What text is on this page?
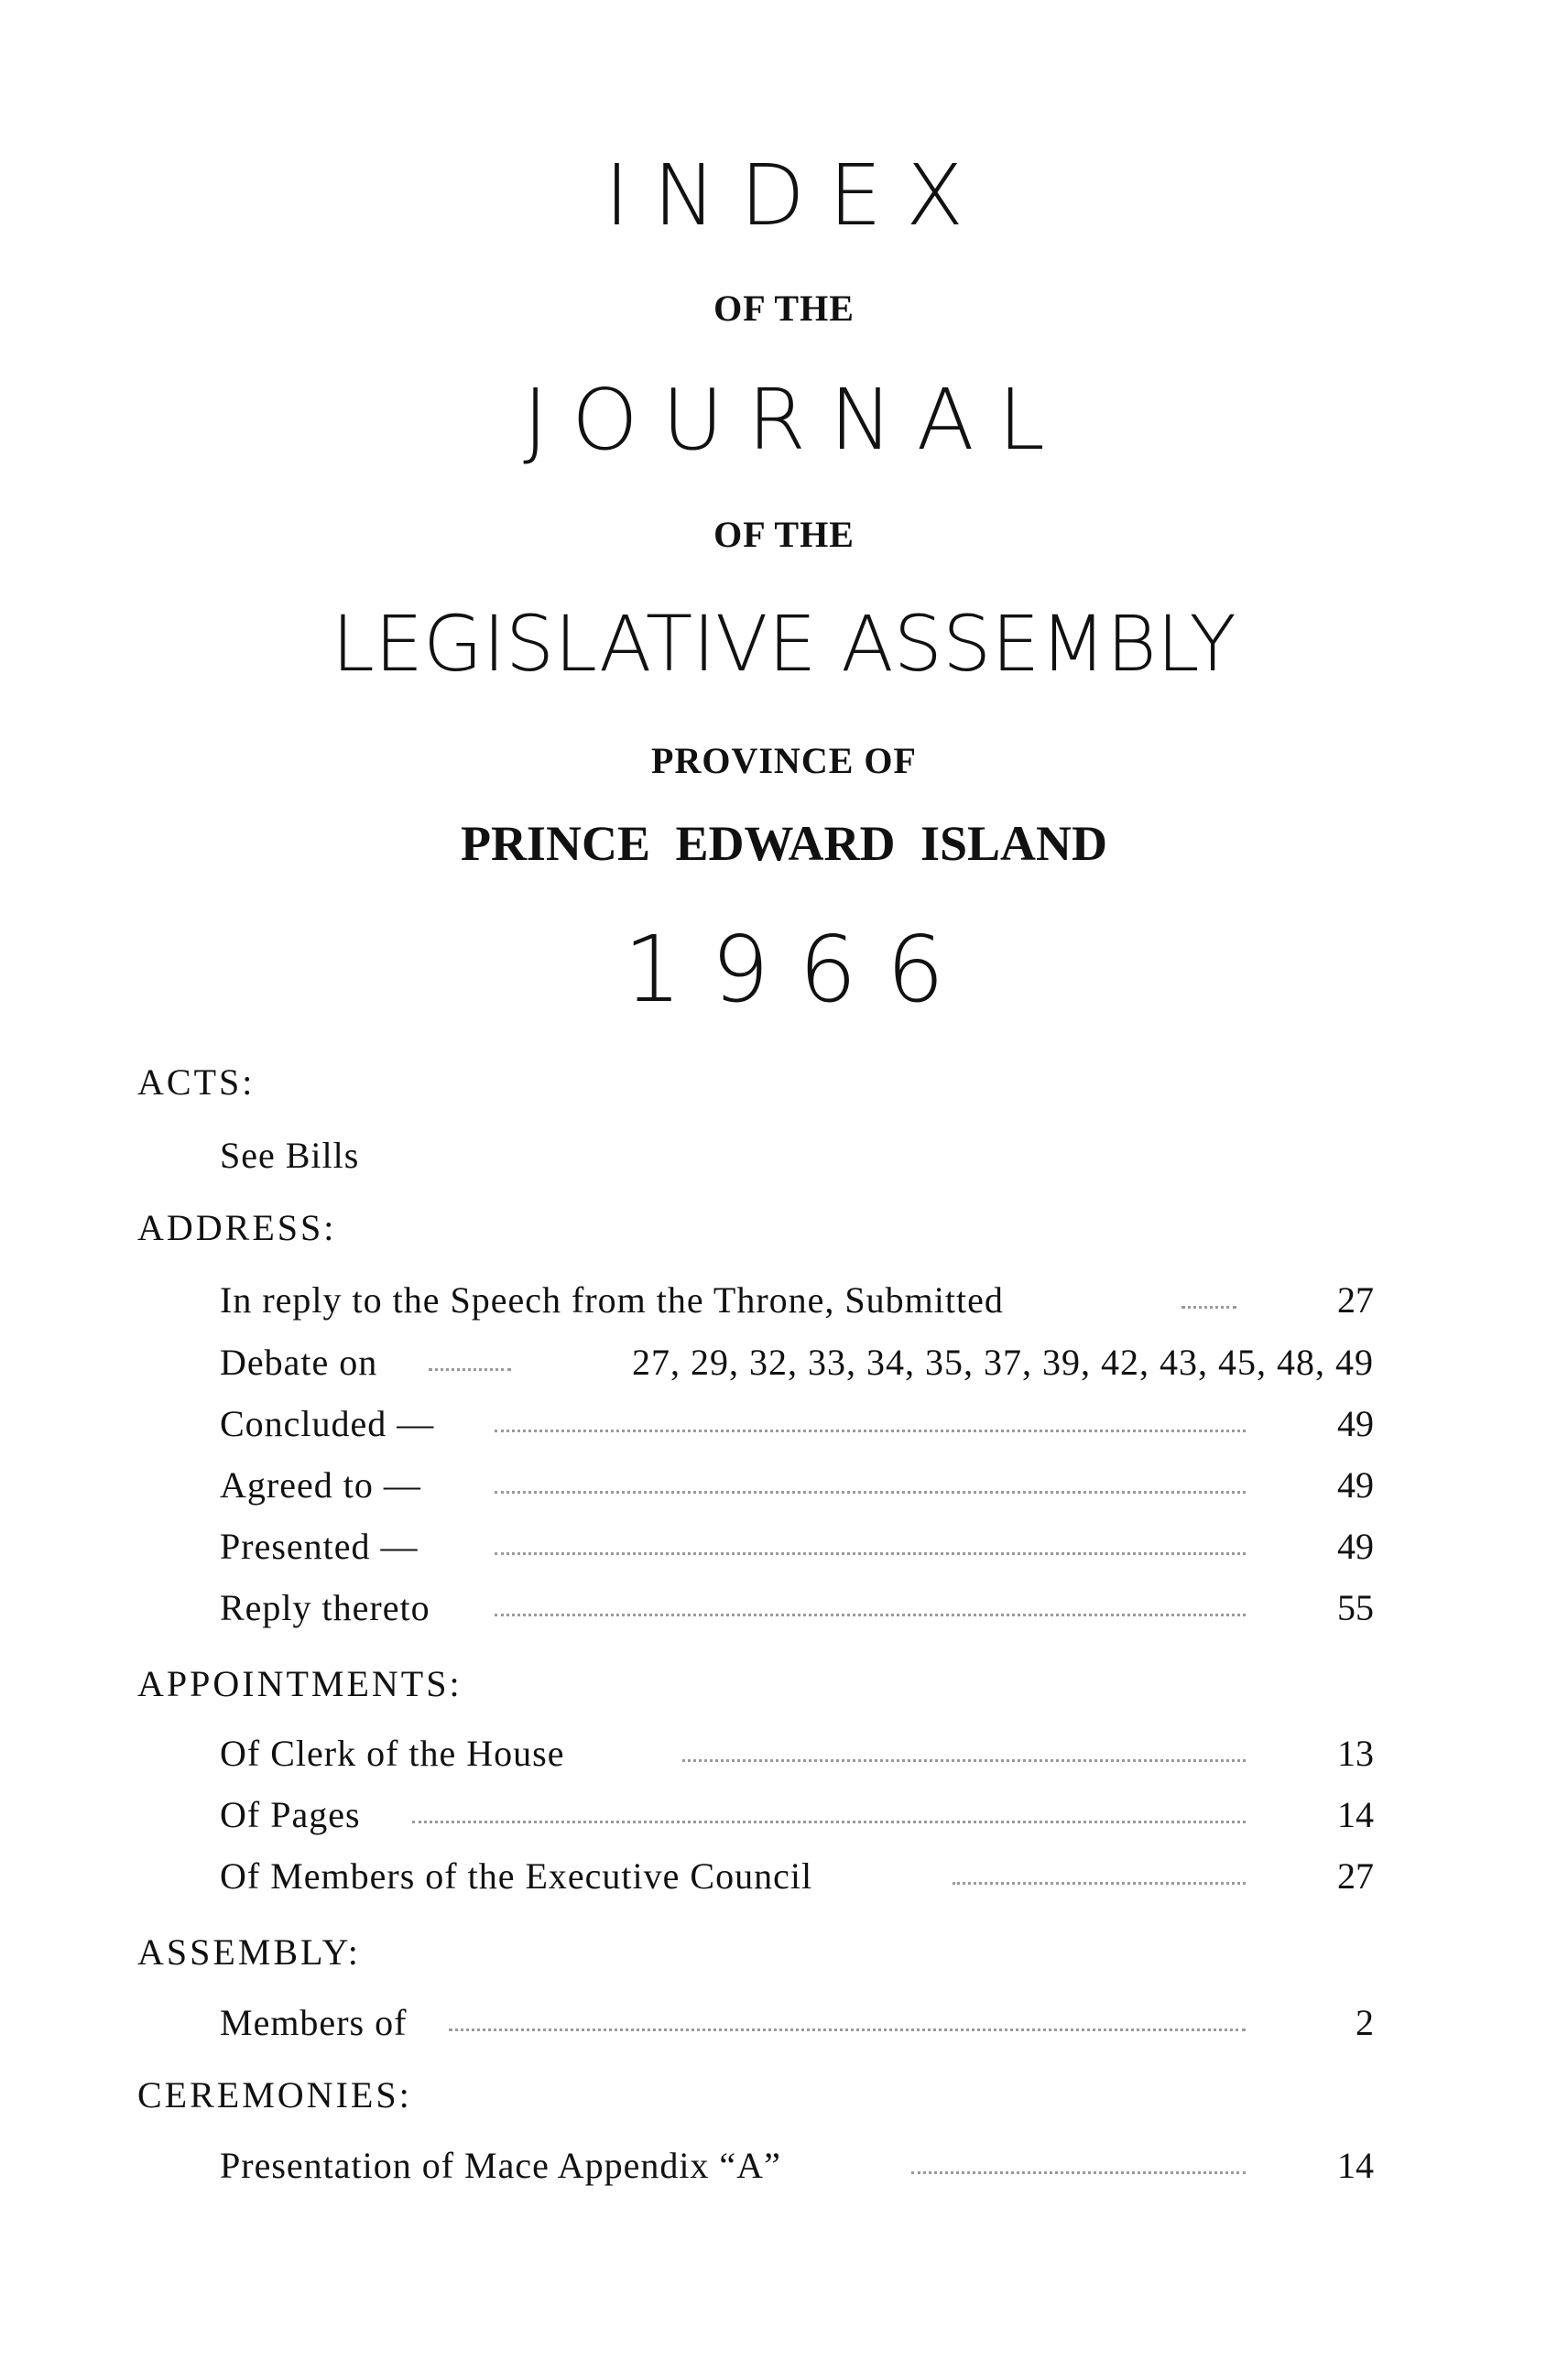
INDEX
OF THE
JOURNAL
OF THE
LEGISLATIVE ASSEMBLY
PROVINCE OF
PRINCE EDWARD ISLAND
1966
ACTS:
See Bills
ADDRESS:
In reply to the Speech from the Throne, Submitted	27
Debate on	27, 29, 32, 33, 34, 35, 37, 39, 42, 43, 45, 48, 49
Concluded —	49
Agreed to —	49
Presented —	49
Reply thereto	55
APPOINTMENTS:
Of Clerk of the House	13
Of Pages	14
Of Members of the Executive Council	27
ASSEMBLY:
Members of	2
CEREMONIES:
Presentation of Mace Appendix “A”	14
